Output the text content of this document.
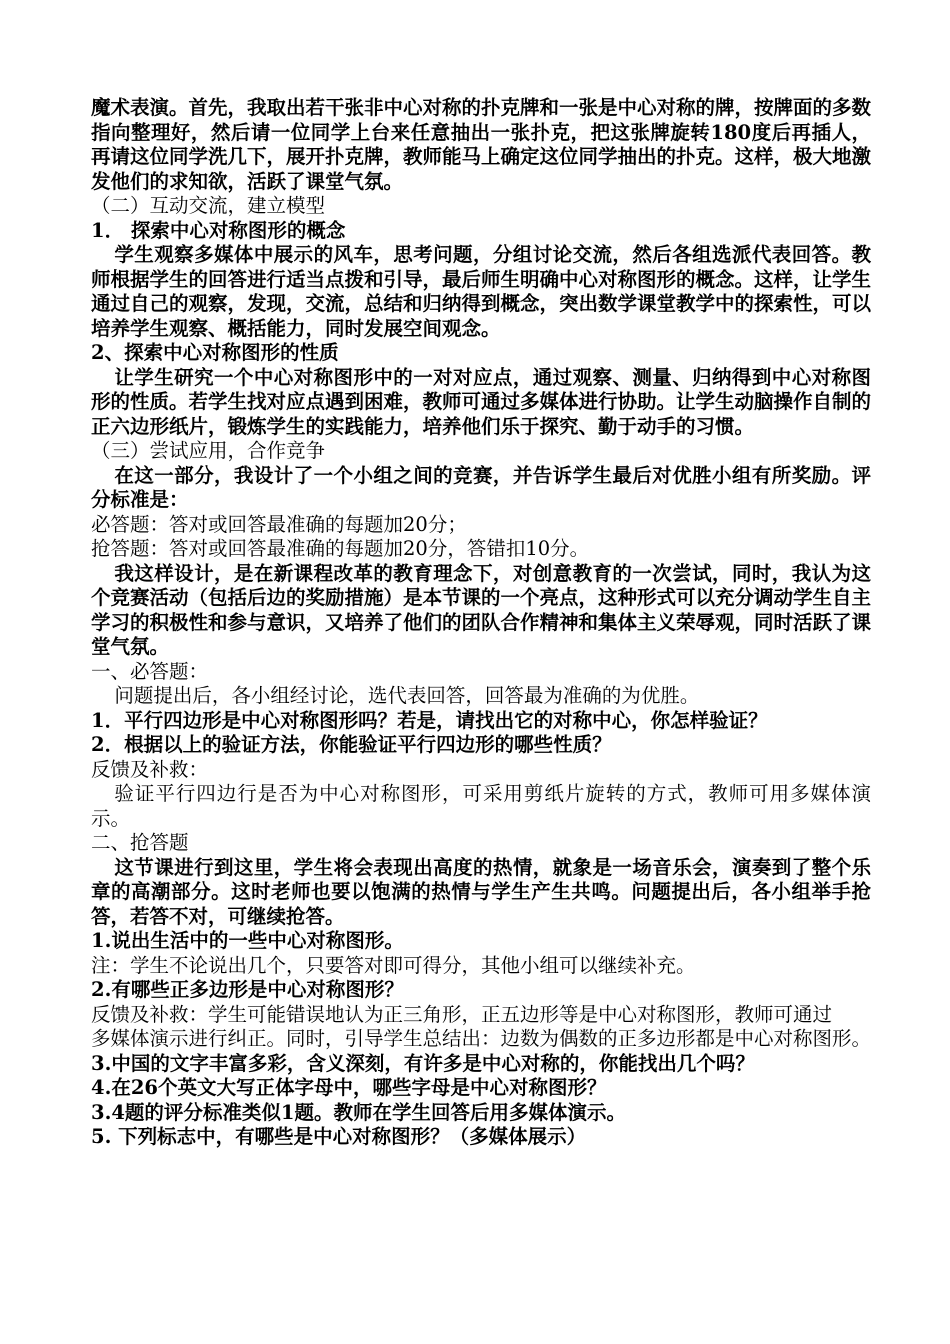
魔术表演。首先，我取出若干张非中心对称的扑克牌和一张是中心对称的牌，按牌面的多数指向整理好，然后请一位同学上台来任意抽出一张扑克，把这张牌旋转180度后再插人，再请这位同学洗几下，展开扑克牌，教师能马上确定这位同学抽出的扑克。这样，极大地激发他们的求知欲，活跃了课堂气氛。

（二）互动交流，建立模型

1． 探索中心对称图形的概念

学生观察多媒体中展示的风车，思考问题，分组讨论交流，然后各组选派代表回答。教师根据学生的回答进行适当点拨和引导，最后师生明确中心对称图形的概念。这样，让学生通过自己的观察，发现，交流，总结和归纳得到概念，突出数学课堂教学中的探索性，可以培养学生观察、概括能力，同时发展空间观念。

2、探索中心对称图形的性质

让学生研究一个中心对称图形中的一对对应点，通过观察、测量、归纳得到中心对称图形的性质。若学生找对应点遇到困难，教师可通过多媒体进行协助。让学生动脑操作自制的正六边形纸片，锻炼学生的实践能力，培养他们乐于探究、勤于动手的习惯。

（三）尝试应用，合作竞争

在这一部分，我设计了一个小组之间的竞赛，并告诉学生最后对优胜小组有所奖励。评分标准是：

必答题：答对或回答最准确的每题加20分；

抢答题：答对或回答最准确的每题加20分，答错扣10分。

我这样设计，是在新课程改革的教育理念下，对创意教育的一次尝试，同时，我认为这个竞赛活动（包括后边的奖励措施）是本节课的一个亮点，这种形式可以充分调动学生自主学习的积极性和参与意识，又培养了他们的团队合作精神和集体主义荣辱观，同时活跃了课堂气氛。

一、必答题：

问题提出后，各小组经讨论，选代表回答，回答最为准确的为优胜。

1．平行四边形是中心对称图形吗？若是，请找出它的对称中心，你怎样验证？

2．根据以上的验证方法，你能验证平行四边形的哪些性质？

反馈及补救：

验证平行四边行是否为中心对称图形，可采用剪纸片旋转的方式，教师可用多媒体演示。

二、抢答题

这节课进行到这里，学生将会表现出高度的热情，就象是一场音乐会，演奏到了整个乐章的高潮部分。这时老师也要以饱满的热情与学生产生共鸣。问题提出后，各小组举手抢答，若答不对，可继续抢答。

1.说出生活中的一些中心对称图形。

注：学生不论说出几个，只要答对即可得分，其他小组可以继续补充。

2.有哪些正多边形是中心对称图形？

反馈及补救：学生可能错误地认为正三角形，正五边形等是中心对称图形，教师可通过

多媒体演示进行纠正。同时，引导学生总结出：边数为偶数的正多边形都是中心对称图形。

3.中国的文字丰富多彩，含义深刻，有许多是中心对称的，你能找出几个吗？

4.在26个英文大写正体字母中，哪些字母是中心对称图形？

3.4题的评分标准类似1题。教师在学生回答后用多媒体演示。

5. 下列标志中，有哪些是中心对称图形？（多媒体展示）
